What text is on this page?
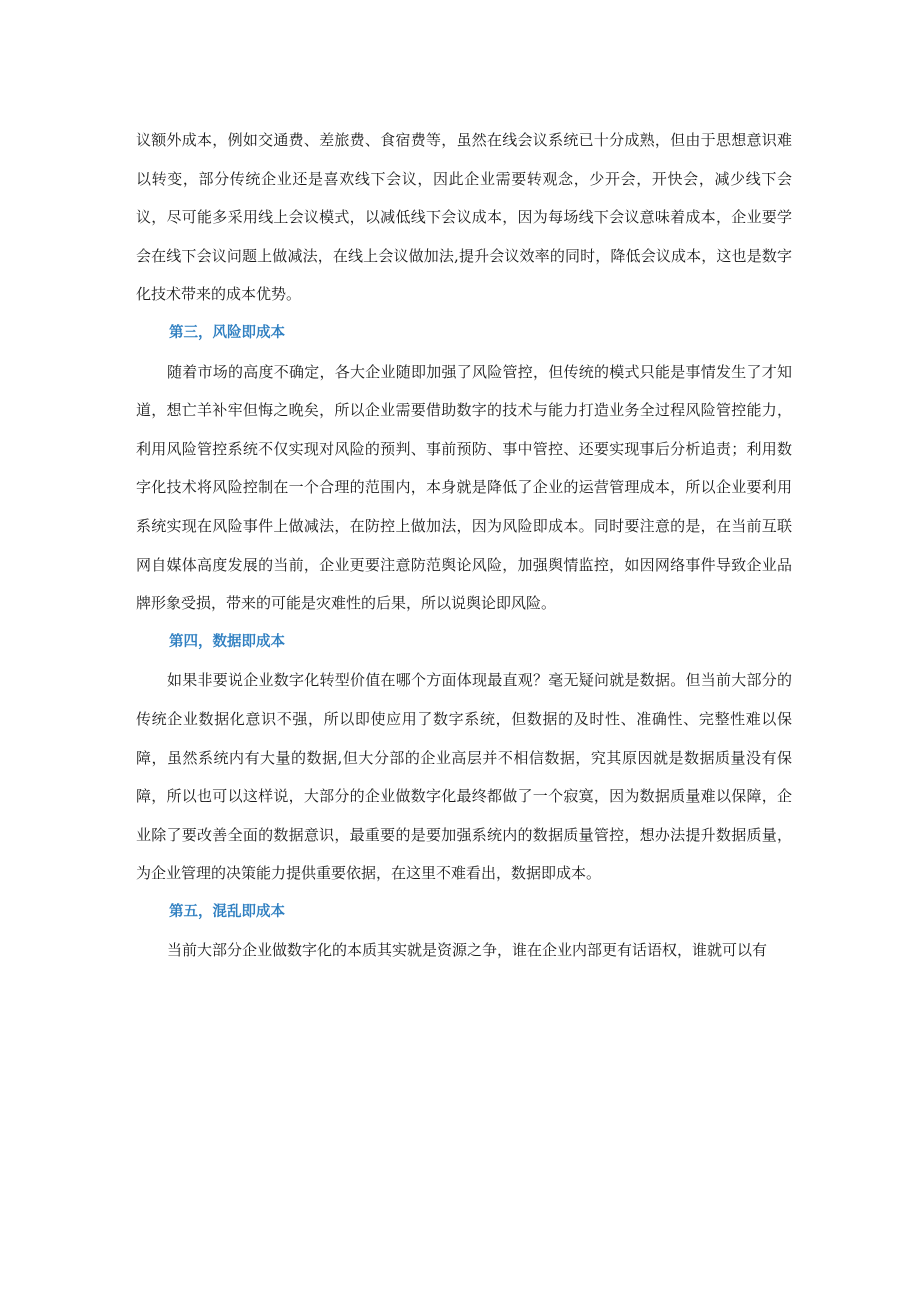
议额外成本，例如交通费、差旅费、食宿费等，虽然在线会议系统已十分成熟，但由于思想意识难以转变，部分传统企业还是喜欢线下会议，因此企业需要转观念，少开会，开快会，减少线下会议，尽可能多采用线上会议模式，以减低线下会议成本，因为每场线下会议意味着成本，企业要学会在线下会议问题上做减法，在线上会议做加法,提升会议效率的同时，降低会议成本，这也是数字化技术带来的成本优势。

第三，风险即成本

随着市场的高度不确定，各大企业随即加强了风险管控，但传统的模式只能是事情发生了才知道，想亡羊补牢但悔之晚矣，所以企业需要借助数字的技术与能力打造业务全过程风险管控能力，利用风险管控系统不仅实现对风险的预判、事前预防、事中管控、还要实现事后分析追责；利用数字化技术将风险控制在一个合理的范围内，本身就是降低了企业的运营管理成本，所以企业要利用系统实现在风险事件上做减法，在防控上做加法，因为风险即成本。同时要注意的是，在当前互联网自媒体高度发展的当前，企业更要注意防范舆论风险，加强舆情监控，如因网络事件导致企业品牌形象受损，带来的可能是灾难性的后果，所以说舆论即风险。

第四，数据即成本

如果非要说企业数字化转型价值在哪个方面体现最直观？毫无疑问就是数据。但当前大部分的传统企业数据化意识不强，所以即使应用了数字系统，但数据的及时性、准确性、完整性难以保障，虽然系统内有大量的数据,但大分部的企业高层并不相信数据，究其原因就是数据质量没有保障，所以也可以这样说，大部分的企业做数字化最终都做了一个寂寞，因为数据质量难以保障，企业除了要改善全面的数据意识，最重要的是要加强系统内的数据质量管控，想办法提升数据质量，为企业管理的决策能力提供重要依据，在这里不难看出，数据即成本。

第五，混乱即成本

当前大部分企业做数字化的本质其实就是资源之争，谁在企业内部更有话语权，谁就可以有
